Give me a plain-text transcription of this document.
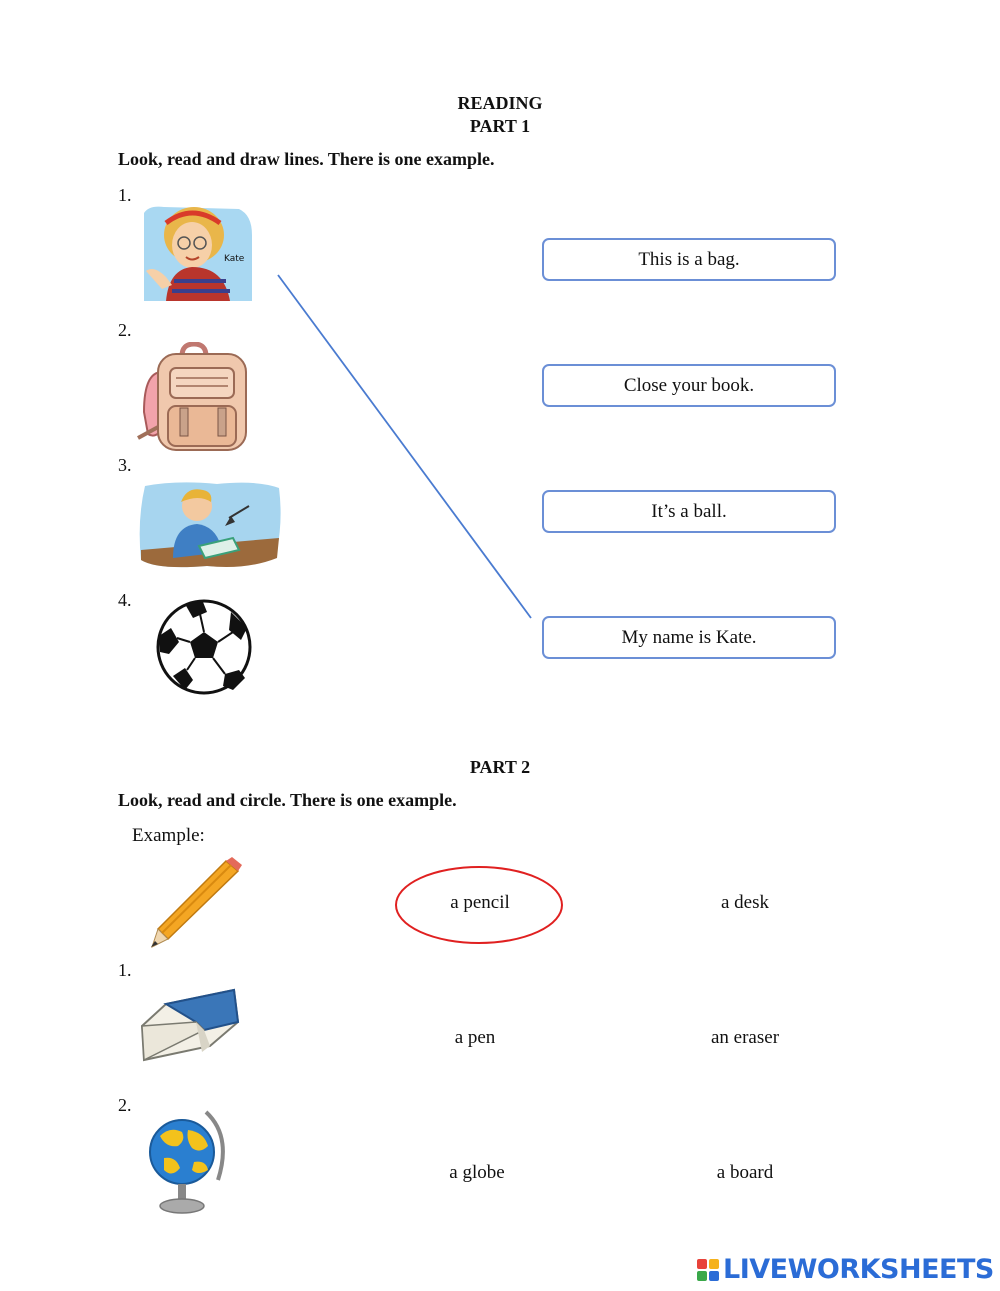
READING
PART 1
Look, read and draw lines. There is one example.
1.
2.
3.
4.
Kate	This is a bag.
Close your book.
It’s a ball.
My name is Kate.
PART 2
Look, read and circle. There is one example.
Example:
a pencil	a desk
1.
a pen	an eraser
2.
a globe	a board
LIVEWORKSHEETS
